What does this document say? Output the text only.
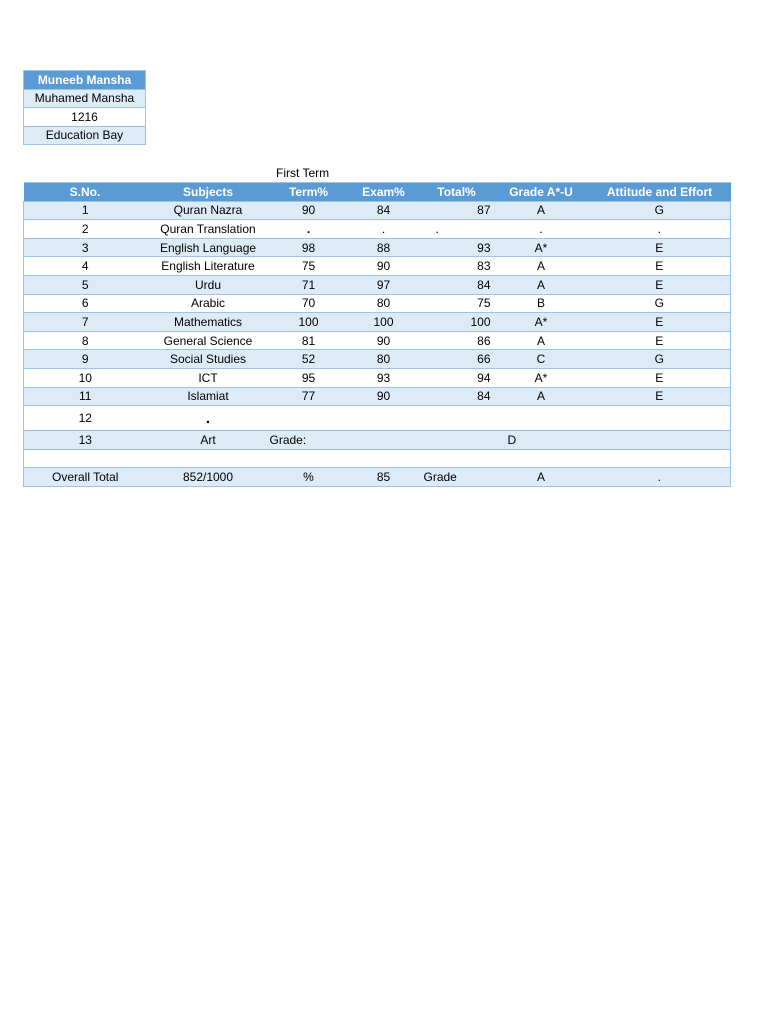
Muneeb Mansha
Muhamed Mansha
1216
Education Bay
First Term
S.No.	Subjects	Term%	Exam%	Total%	Grade A*-U	Attitude and Effort
1	Quran Nazra	90	84	87	A	G
2	Quran Translation	.	.	.	.	.
3	English Language	98	88	93	A*	E
4	English Literature	75	90	83	A	E
5	Urdu	71	97	84	A	E
6	Arabic	70	80	75	B	G
7	Mathematics	100	100	100	A*	E
8	General Science	81	90	86	A	E
9	Social Studies	52	80	66	C	G
10	ICT	95	93	94	A*	E
11	Islamiat	77	90	84	A	E
12	.					
13	Art	Grade:			D	

Overall Total	852/1000	%	85	Grade	A	.
